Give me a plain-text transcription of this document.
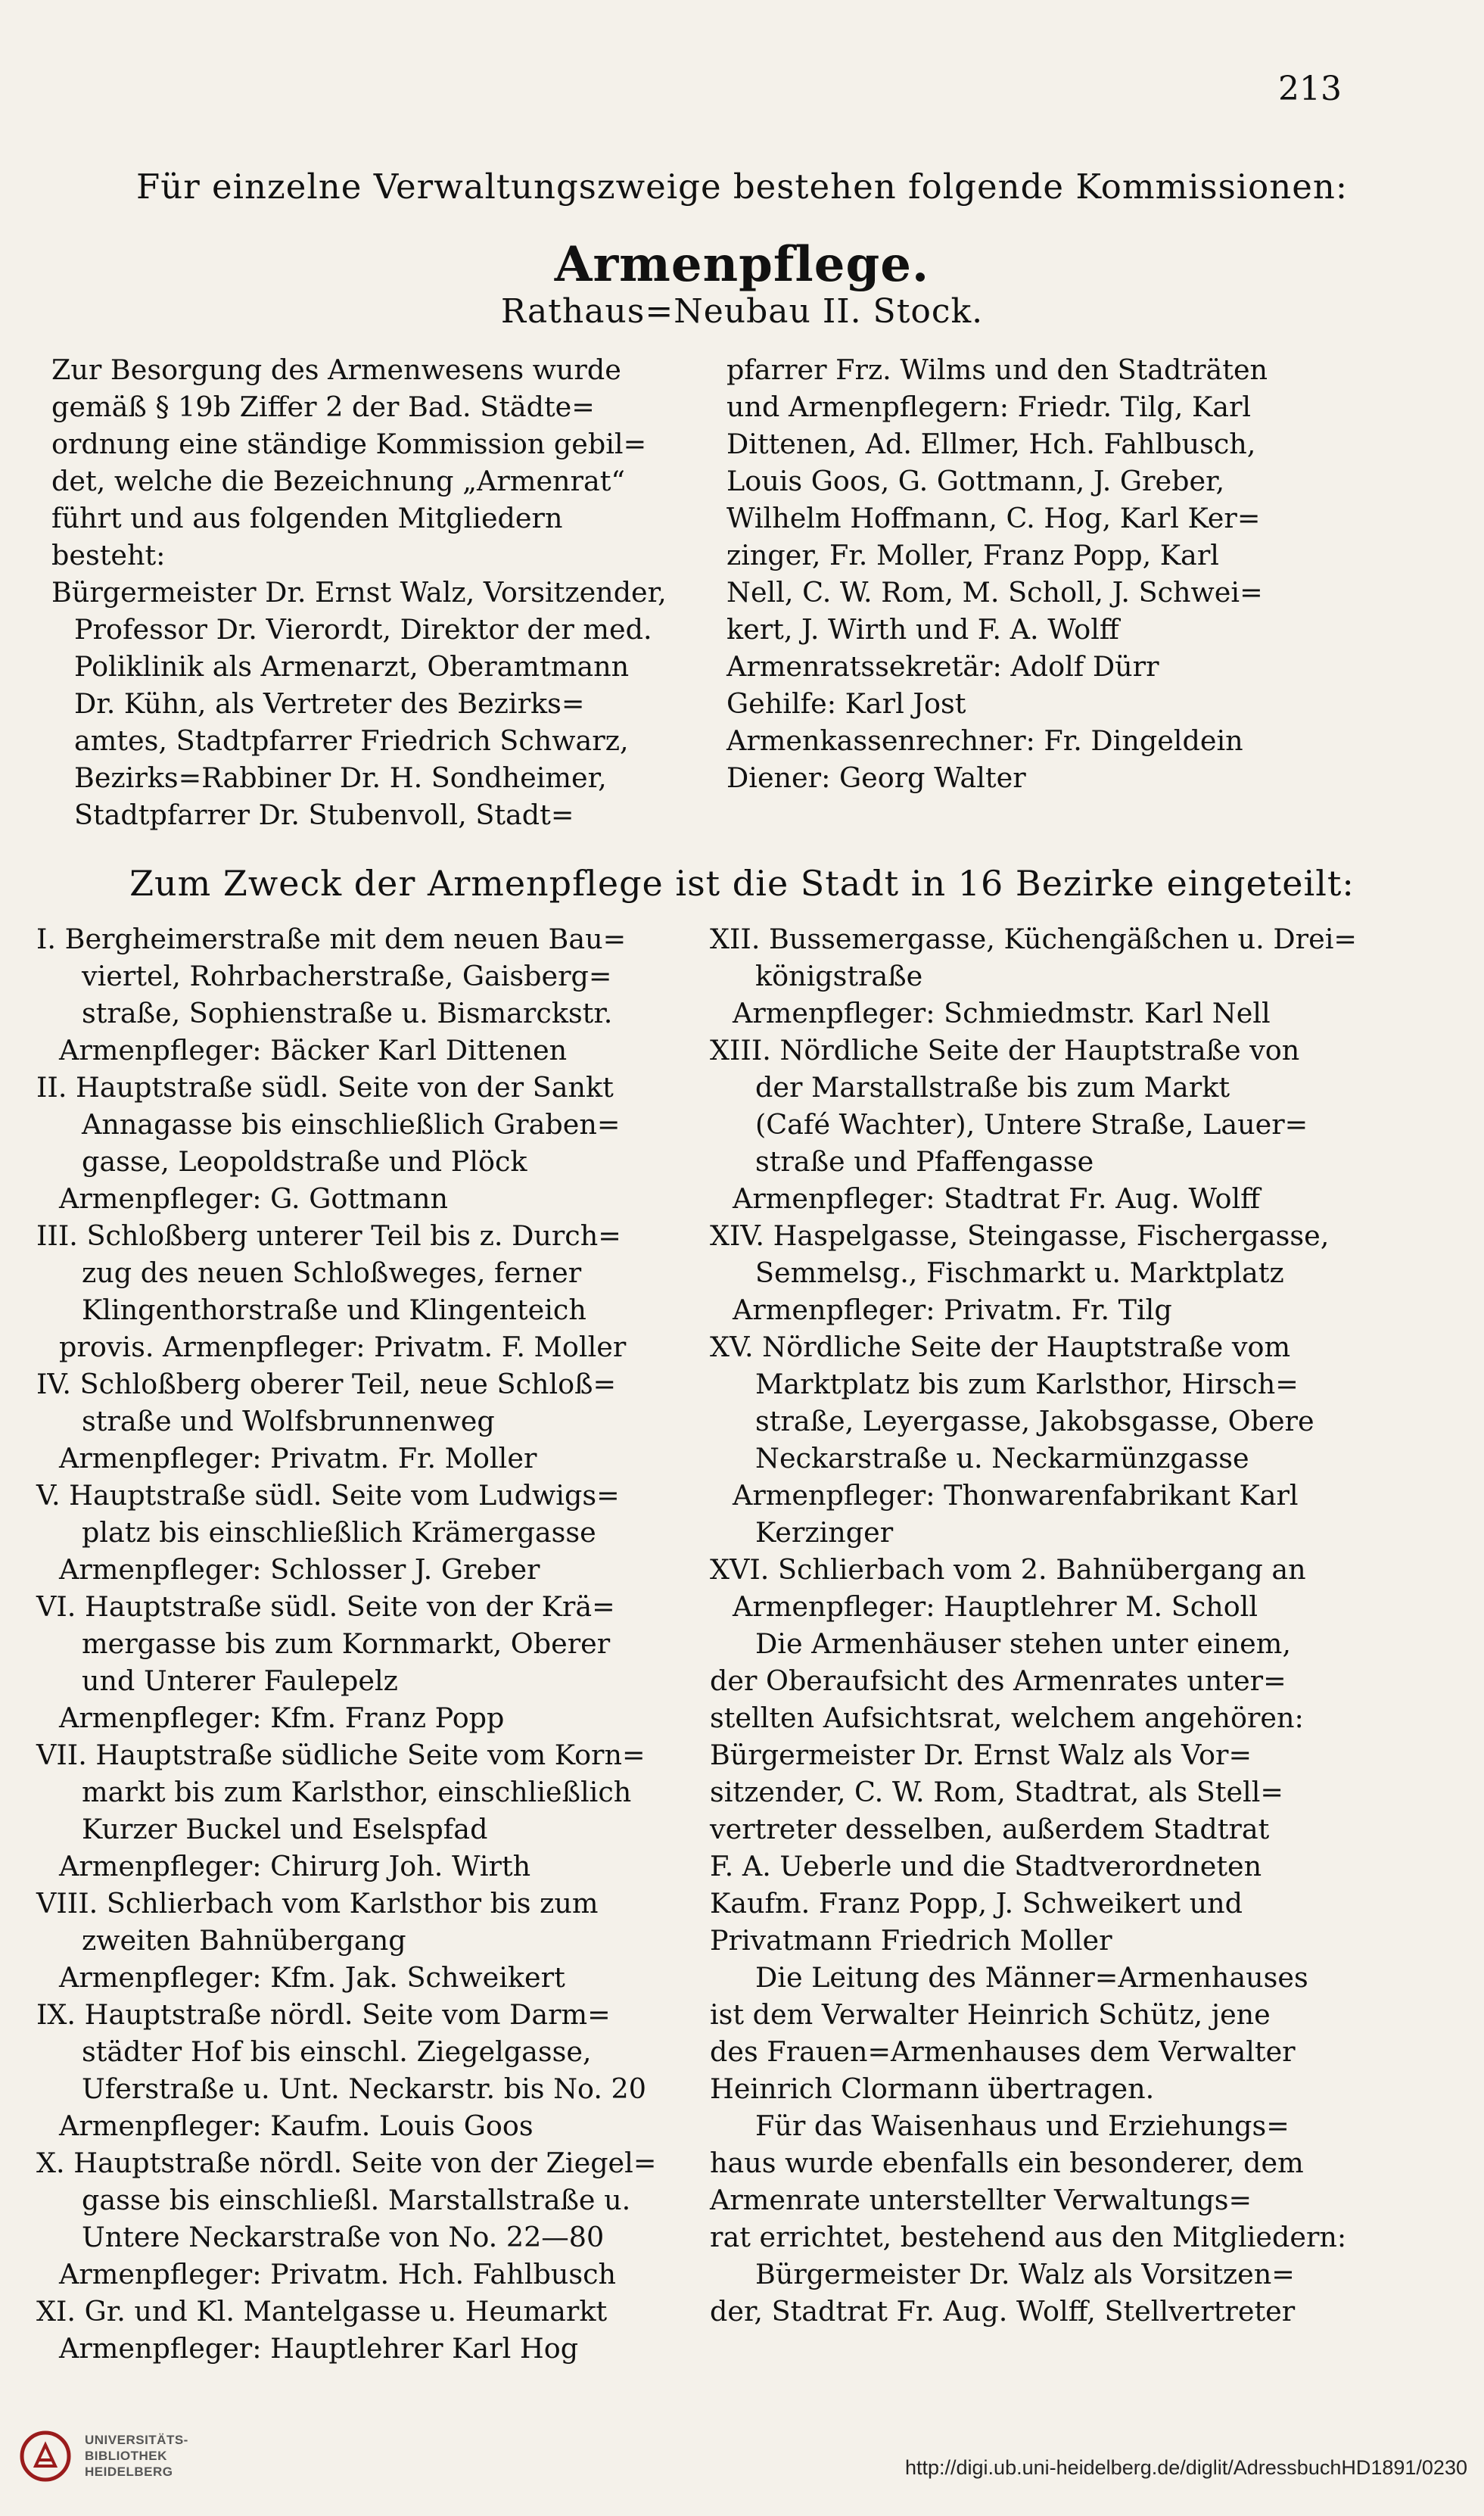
213
Für einzelne Verwaltungszweige bestehen folgende Kommissionen:
Armenpflege.
Rathaus=Neubau II. Stock.
Zur Besorgung des Armenwesens wurde
gemäß § 19b Ziffer 2 der Bad. Städte=
ordnung eine ständige Kommission gebil=
det, welche die Bezeichnung „Armenrat“
führt und aus folgenden Mitgliedern
besteht:
Bürgermeister Dr. Ernst Walz, Vorsitzender,
Professor Dr. Vierordt, Direktor der med.
Poliklinik als Armenarzt, Oberamtmann
Dr. Kühn, als Vertreter des Bezirks=
amtes, Stadtpfarrer Friedrich Schwarz,
Bezirks=Rabbiner Dr. H. Sondheimer,
Stadtpfarrer Dr. Stubenvoll, Stadt=
pfarrer Frz. Wilms und den Stadträten
und Armenpflegern: Friedr. Tilg, Karl
Dittenen, Ad. Ellmer, Hch. Fahlbusch,
Louis Goos, G. Gottmann, J. Greber,
Wilhelm Hoffmann, C. Hog, Karl Ker=
zinger, Fr. Moller, Franz Popp, Karl
Nell, C. W. Rom, M. Scholl, J. Schwei=
kert, J. Wirth und F. A. Wolff
Armenratssekretär: Adolf Dürr
Gehilfe: Karl Jost
Armenkassenrechner: Fr. Dingeldein
Diener: Georg Walter
Zum Zweck der Armenpflege ist die Stadt in 16 Bezirke eingeteilt:
I. Bergheimerstraße mit dem neuen Bau=
viertel, Rohrbacherstraße, Gaisberg=
straße, Sophienstraße u. Bismarckstr.
Armenpfleger: Bäcker Karl Dittenen
II. Hauptstraße südl. Seite von der Sankt
Annagasse bis einschließlich Graben=
gasse, Leopoldstraße und Plöck
Armenpfleger: G. Gottmann
III. Schloßberg unterer Teil bis z. Durch=
zug des neuen Schloßweges, ferner
Klingenthorstraße und Klingenteich
provis. Armenpfleger: Privatm. F. Moller
IV. Schloßberg oberer Teil, neue Schloß=
straße und Wolfsbrunnenweg
Armenpfleger: Privatm. Fr. Moller
V. Hauptstraße südl. Seite vom Ludwigs=
platz bis einschließlich Krämergasse
Armenpfleger: Schlosser J. Greber
VI. Hauptstraße südl. Seite von der Krä=
mergasse bis zum Kornmarkt, Oberer
und Unterer Faulepelz
Armenpfleger: Kfm. Franz Popp
VII. Hauptstraße südliche Seite vom Korn=
markt bis zum Karlsthor, einschließlich
Kurzer Buckel und Eselspfad
Armenpfleger: Chirurg Joh. Wirth
VIII. Schlierbach vom Karlsthor bis zum
zweiten Bahnübergang
Armenpfleger: Kfm. Jak. Schweikert
IX. Hauptstraße nördl. Seite vom Darm=
städter Hof bis einschl. Ziegelgasse,
Uferstraße u. Unt. Neckarstr. bis No. 20
Armenpfleger: Kaufm. Louis Goos
X. Hauptstraße nördl. Seite von der Ziegel=
gasse bis einschließl. Marstallstraße u.
Untere Neckarstraße von No. 22—80
Armenpfleger: Privatm. Hch. Fahlbusch
XI. Gr. und Kl. Mantelgasse u. Heumarkt
Armenpfleger: Hauptlehrer Karl Hog
XII. Bussemergasse, Küchengäßchen u. Drei=
königstraße
Armenpfleger: Schmiedmstr. Karl Nell
XIII. Nördliche Seite der Hauptstraße von
der Marstallstraße bis zum Markt
(Café Wachter), Untere Straße, Lauer=
straße und Pfaffengasse
Armenpfleger: Stadtrat Fr. Aug. Wolff
XIV. Haspelgasse, Steingasse, Fischergasse,
Semmelsg., Fischmarkt u. Marktplatz
Armenpfleger: Privatm. Fr. Tilg
XV. Nördliche Seite der Hauptstraße vom
Marktplatz bis zum Karlsthor, Hirsch=
straße, Leyergasse, Jakobsgasse, Obere
Neckarstraße u. Neckarmünzgasse
Armenpfleger: Thonwarenfabrikant Karl
Kerzinger
XVI. Schlierbach vom 2. Bahnübergang an
Armenpfleger: Hauptlehrer M. Scholl
Die Armenhäuser stehen unter einem,
der Oberaufsicht des Armenrates unter=
stellten Aufsichtsrat, welchem angehören:
Bürgermeister Dr. Ernst Walz als Vor=
sitzender, C. W. Rom, Stadtrat, als Stell=
vertreter desselben, außerdem Stadtrat
F. A. Ueberle und die Stadtverordneten
Kaufm. Franz Popp, J. Schweikert und
Privatmann Friedrich Moller
Die Leitung des Männer=Armenhauses
ist dem Verwalter Heinrich Schütz, jene
des Frauen=Armenhauses dem Verwalter
Heinrich Clormann übertragen.
Für das Waisenhaus und Erziehungs=
haus wurde ebenfalls ein besonderer, dem
Armenrate unterstellter Verwaltungs=
rat errichtet, bestehend aus den Mitgliedern:
Bürgermeister Dr. Walz als Vorsitzen=
der, Stadtrat Fr. Aug. Wolff, Stellvertreter
UNIVERSITÄTS-
BIBLIOTHEK
HEIDELBERG	http://digi.ub.uni-heidelberg.de/diglit/AdressbuchHD1891/0230
